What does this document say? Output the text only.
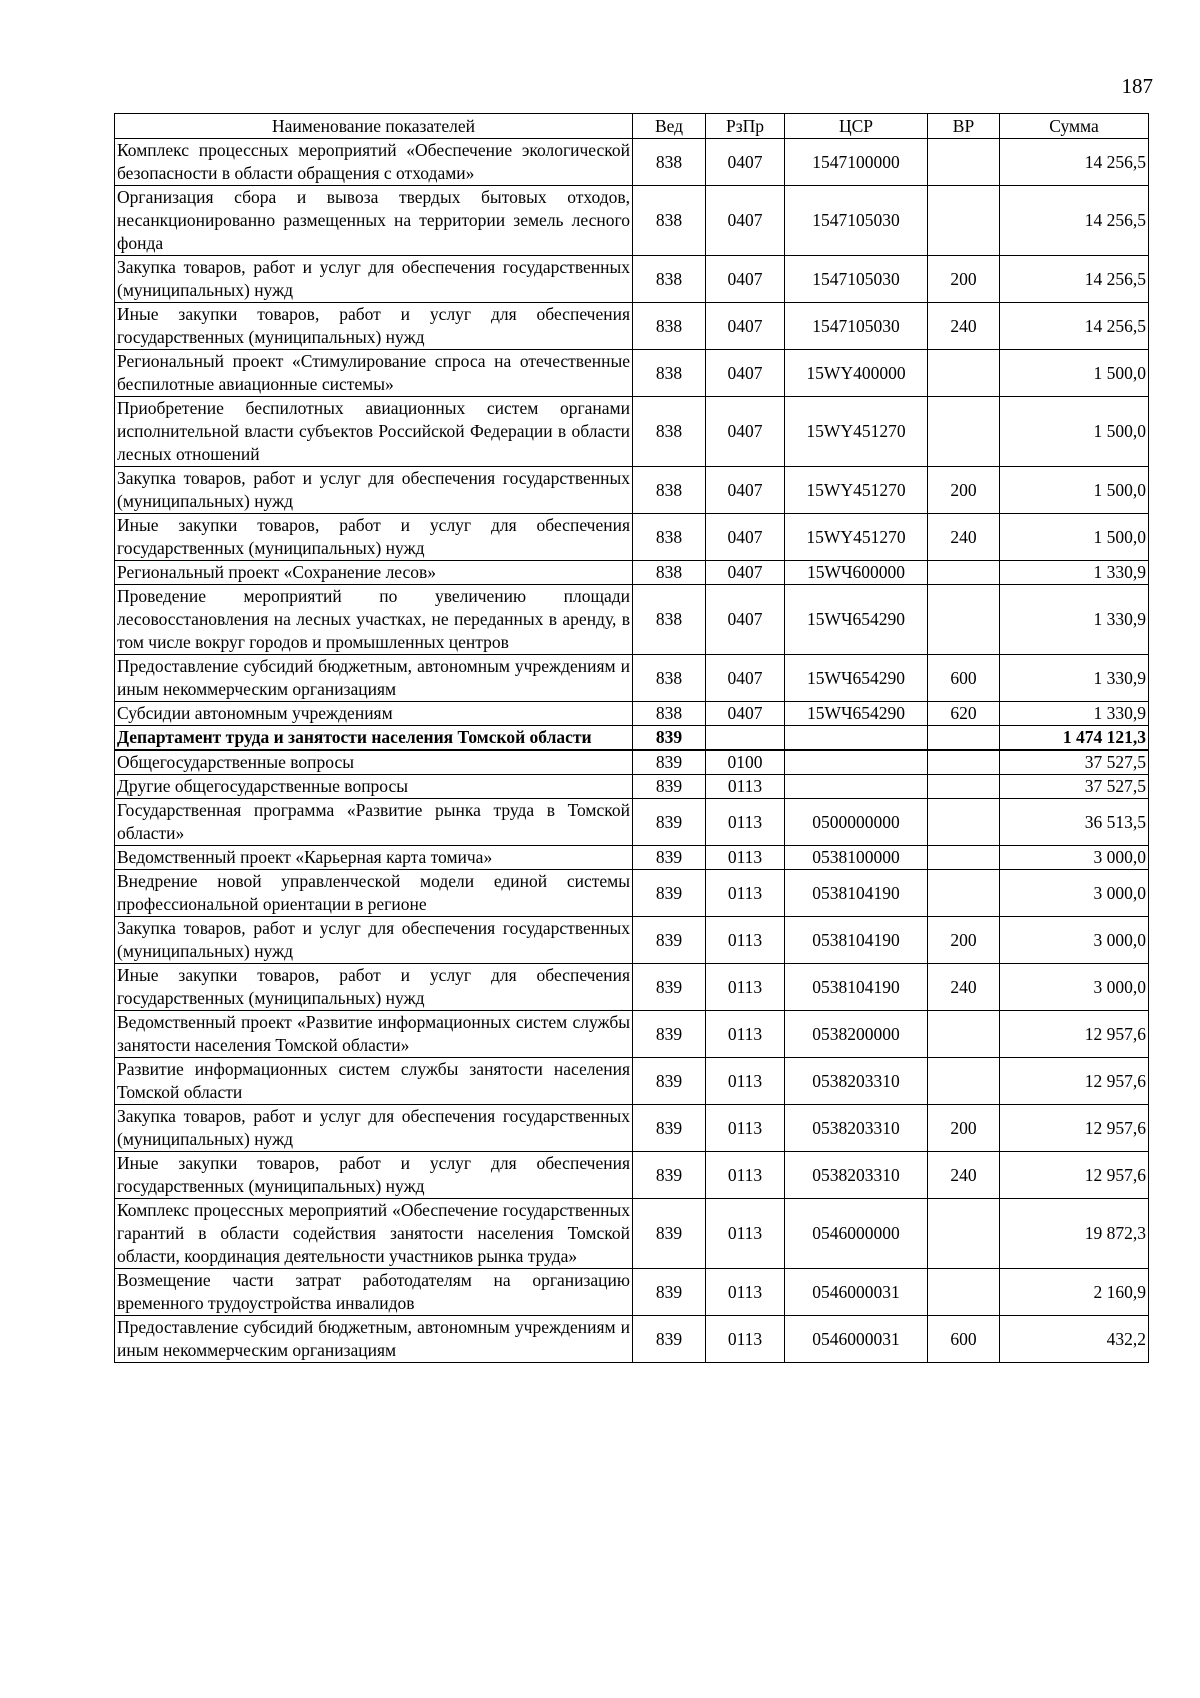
187
Наименование показателей	Вед	РзПр	ЦСР	ВР	Сумма
Комплекс процессных мероприятий «Обеспечение экологической безопасности в области обращения с отходами»	838	0407	1547100000		14 256,5
Организация сбора и вывоза твердых бытовых отходов, несанкционированно размещенных на территории земель лесного фонда	838	0407	1547105030		14 256,5
Закупка товаров, работ и услуг для обеспечения государственных (муниципальных) нужд	838	0407	1547105030	200	14 256,5
Иные закупки товаров, работ и услуг для обеспечения государственных (муниципальных) нужд	838	0407	1547105030	240	14 256,5
Региональный проект «Стимулирование спроса на отечественные беспилотные авиационные системы»	838	0407	15WY400000		1 500,0
Приобретение беспилотных авиационных систем органами исполнительной власти субъектов Российской Федерации в области лесных отношений	838	0407	15WY451270		1 500,0
Закупка товаров, работ и услуг для обеспечения государственных (муниципальных) нужд	838	0407	15WY451270	200	1 500,0
Иные закупки товаров, работ и услуг для обеспечения государственных (муниципальных) нужд	838	0407	15WY451270	240	1 500,0
Региональный проект «Сохранение лесов»	838	0407	15WЧ600000		1 330,9
Проведение мероприятий по увеличению площади лесовосстановления на лесных участках, не переданных в аренду, в том числе вокруг городов и промышленных центров	838	0407	15WЧ654290		1 330,9
Предоставление субсидий бюджетным, автономным учреждениям и иным некоммерческим организациям	838	0407	15WЧ654290	600	1 330,9
Субсидии автономным учреждениям	838	0407	15WЧ654290	620	1 330,9
Департамент труда и занятости населения Томской области	839				1 474 121,3
Общегосударственные вопросы	839	0100			37 527,5
Другие общегосударственные вопросы	839	0113			37 527,5
Государственная программа «Развитие рынка труда в Томской области»	839	0113	0500000000		36 513,5
Ведомственный проект «Карьерная карта томича»	839	0113	0538100000		3 000,0
Внедрение новой управленческой модели единой системы профессиональной ориентации в регионе	839	0113	0538104190		3 000,0
Закупка товаров, работ и услуг для обеспечения государственных (муниципальных) нужд	839	0113	0538104190	200	3 000,0
Иные закупки товаров, работ и услуг для обеспечения государственных (муниципальных) нужд	839	0113	0538104190	240	3 000,0
Ведомственный проект «Развитие информационных систем службы занятости населения Томской области»	839	0113	0538200000		12 957,6
Развитие информационных систем службы занятости населения Томской области	839	0113	0538203310		12 957,6
Закупка товаров, работ и услуг для обеспечения государственных (муниципальных) нужд	839	0113	0538203310	200	12 957,6
Иные закупки товаров, работ и услуг для обеспечения государственных (муниципальных) нужд	839	0113	0538203310	240	12 957,6
Комплекс процессных мероприятий «Обеспечение государственных гарантий в области содействия занятости населения Томской области, координация деятельности участников рынка труда»	839	0113	0546000000		19 872,3
Возмещение части затрат работодателям на организацию временного трудоустройства инвалидов	839	0113	0546000031		2 160,9
Предоставление субсидий бюджетным, автономным учреждениям и иным некоммерческим организациям	839	0113	0546000031	600	432,2
